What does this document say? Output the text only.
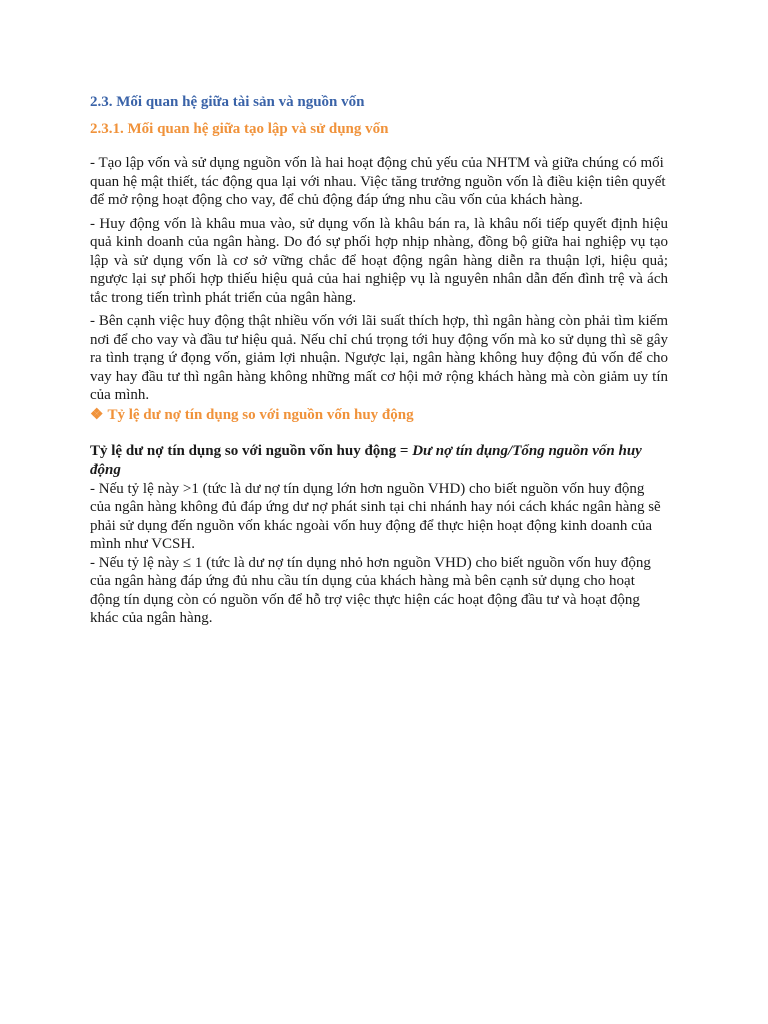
2.3. Mối quan hệ giữa tài sản và nguồn vốn
2.3.1. Mối quan hệ giữa tạo lập và sử dụng vốn

- Tạo lập vốn và sử dụng nguồn vốn là hai hoạt động chủ yếu của NHTM và giữa chúng có mối quan hệ mật thiết, tác động qua lại với nhau. Việc tăng trưởng nguồn vốn là điều kiện tiên quyết để mở rộng hoạt động cho vay, để chủ động đáp ứng nhu cầu vốn của khách hàng.

- Huy động vốn là khâu mua vào, sử dụng vốn là khâu bán ra, là khâu nối tiếp quyết định hiệu quả kinh doanh của ngân hàng. Do đó sự phối hợp nhịp nhàng, đồng bộ giữa hai nghiệp vụ tạo lập và sử dụng vốn là cơ sở vững chắc để hoạt động ngân hàng diễn ra thuận lợi, hiệu quả; ngược lại sự phối hợp thiếu hiệu quả của hai nghiệp vụ là nguyên nhân dẫn đến đình trệ và ách tắc trong tiến trình phát triển của ngân hàng.

- Bên cạnh việc huy động thật nhiều vốn với lãi suất thích hợp, thì ngân hàng còn phải tìm kiếm nơi để cho vay và đầu tư hiệu quả. Nếu chỉ chú trọng tới huy động vốn mà ko sử dụng thì sẽ gây ra tình trạng ứ đọng vốn, giảm lợi nhuận. Ngược lại, ngân hàng không huy động đủ vốn để cho vay hay đầu tư thì ngân hàng không những mất cơ hội mở rộng khách hàng mà còn giảm uy tín của mình.

❖ Tỷ lệ dư nợ tín dụng so với nguồn vốn huy động
Tỷ lệ dư nợ tín dụng so với nguồn vốn huy động = Dư nợ tín dụng/Tổng nguồn vốn huy động

- Nếu tỷ lệ này >1 (tức là dư nợ tín dụng lớn hơn nguồn VHD) cho biết nguồn vốn huy động của ngân hàng không đủ đáp ứng dư nợ phát sinh tại chi nhánh hay nói cách khác ngân hàng sẽ phải sử dụng đến nguồn vốn khác ngoài vốn huy động để thực hiện hoạt động kinh doanh của mình như VCSH.

- Nếu tỷ lệ này ≤ 1 (tức là dư nợ tín dụng nhỏ hơn nguồn VHD) cho biết nguồn vốn huy động của ngân hàng đáp ứng đủ nhu cầu tín dụng của khách hàng mà bên cạnh sử dụng cho hoạt động tín dụng còn có nguồn vốn để hỗ trợ việc thực hiện các hoạt động đầu tư và hoạt động khác của ngân hàng.
